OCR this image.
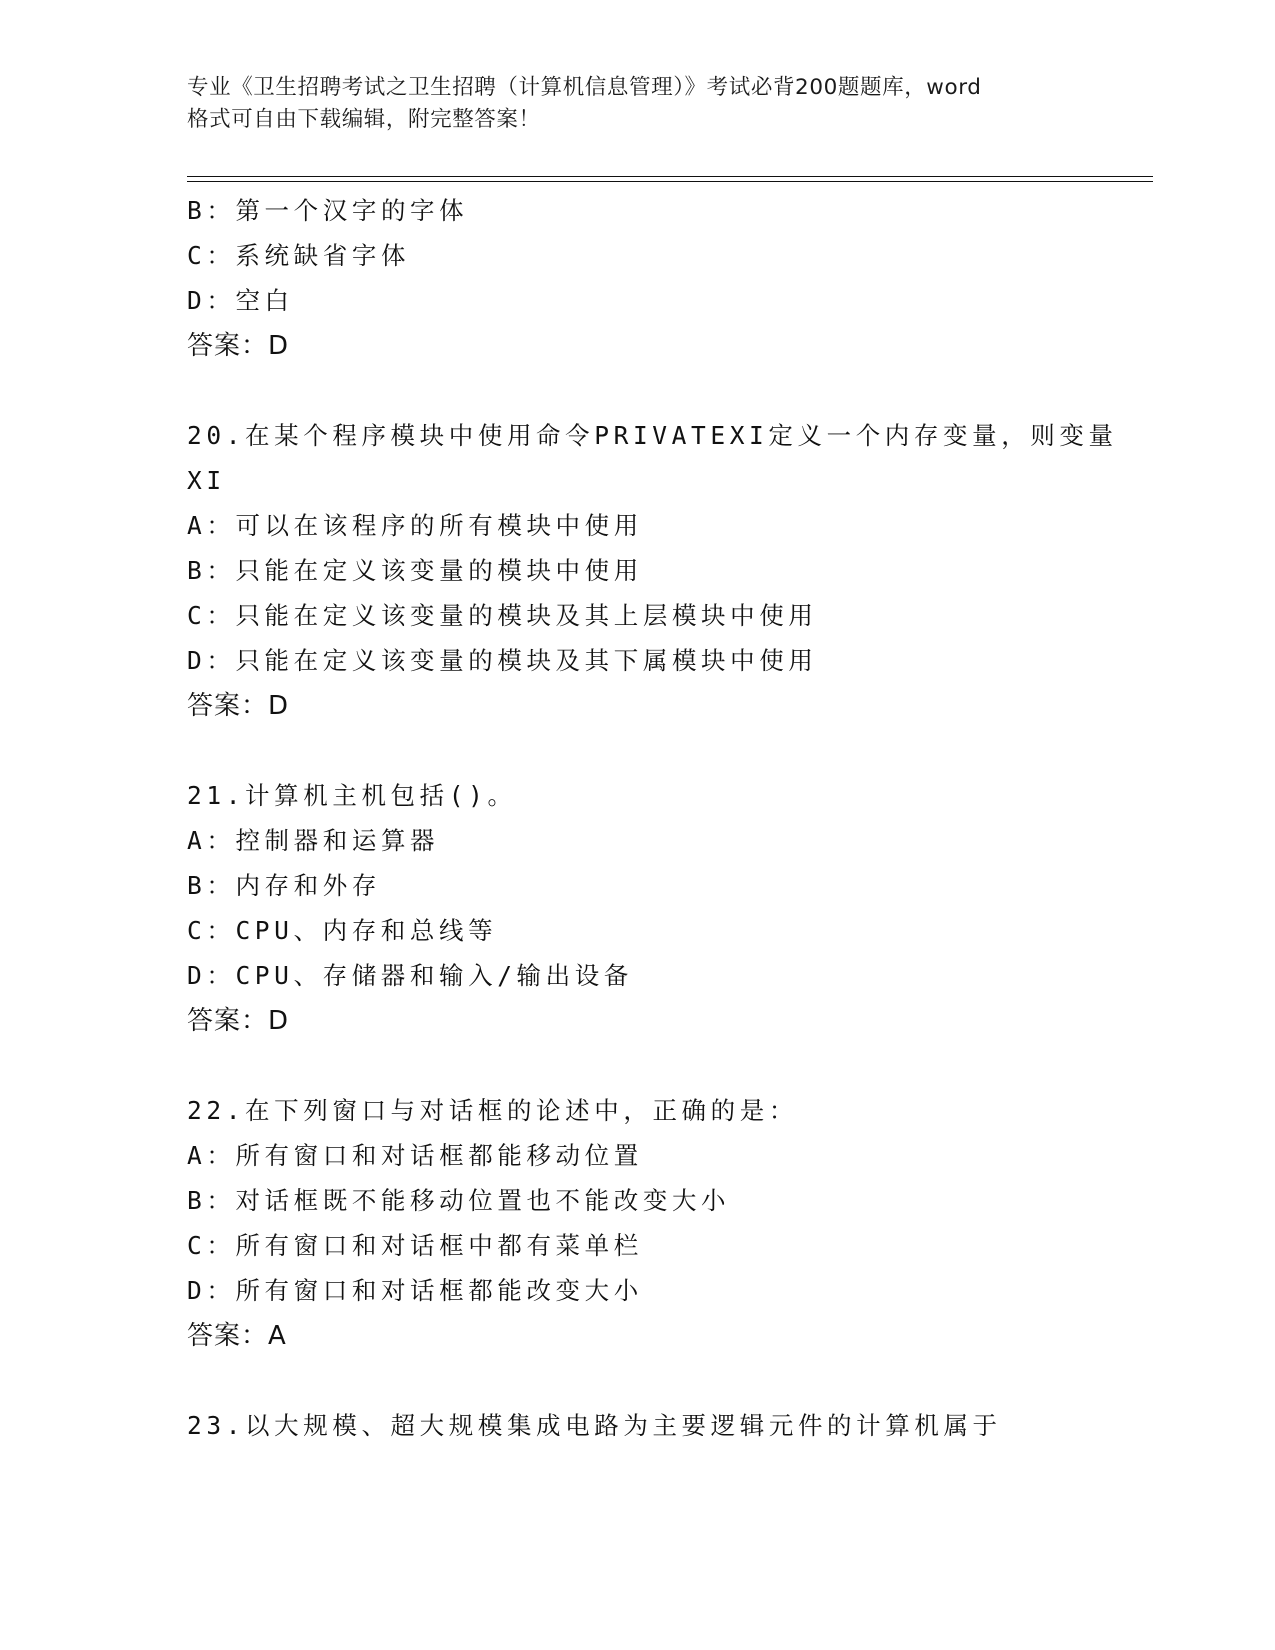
专业《卫生招聘考试之卫生招聘（计算机信息管理）》考试必背200题题库，word
格式可自由下载编辑，附完整答案！
B：第一个汉字的字体
C：系统缺省字体
D：空白
答案：D
20.在某个程序模块中使用命令PRIVATEXI定义一个内存变量，则变量
XI
A：可以在该程序的所有模块中使用
B：只能在定义该变量的模块中使用
C：只能在定义该变量的模块及其上层模块中使用
D：只能在定义该变量的模块及其下属模块中使用
答案：D
21.计算机主机包括()。
A：控制器和运算器
B：内存和外存
C：CPU、内存和总线等
D：CPU、存储器和输入/输出设备
答案：D
22.在下列窗口与对话框的论述中，正确的是：
A：所有窗口和对话框都能移动位置
B：对话框既不能移动位置也不能改变大小
C：所有窗口和对话框中都有菜单栏
D：所有窗口和对话框都能改变大小
答案：A
23.以大规模、超大规模集成电路为主要逻辑元件的计算机属于
